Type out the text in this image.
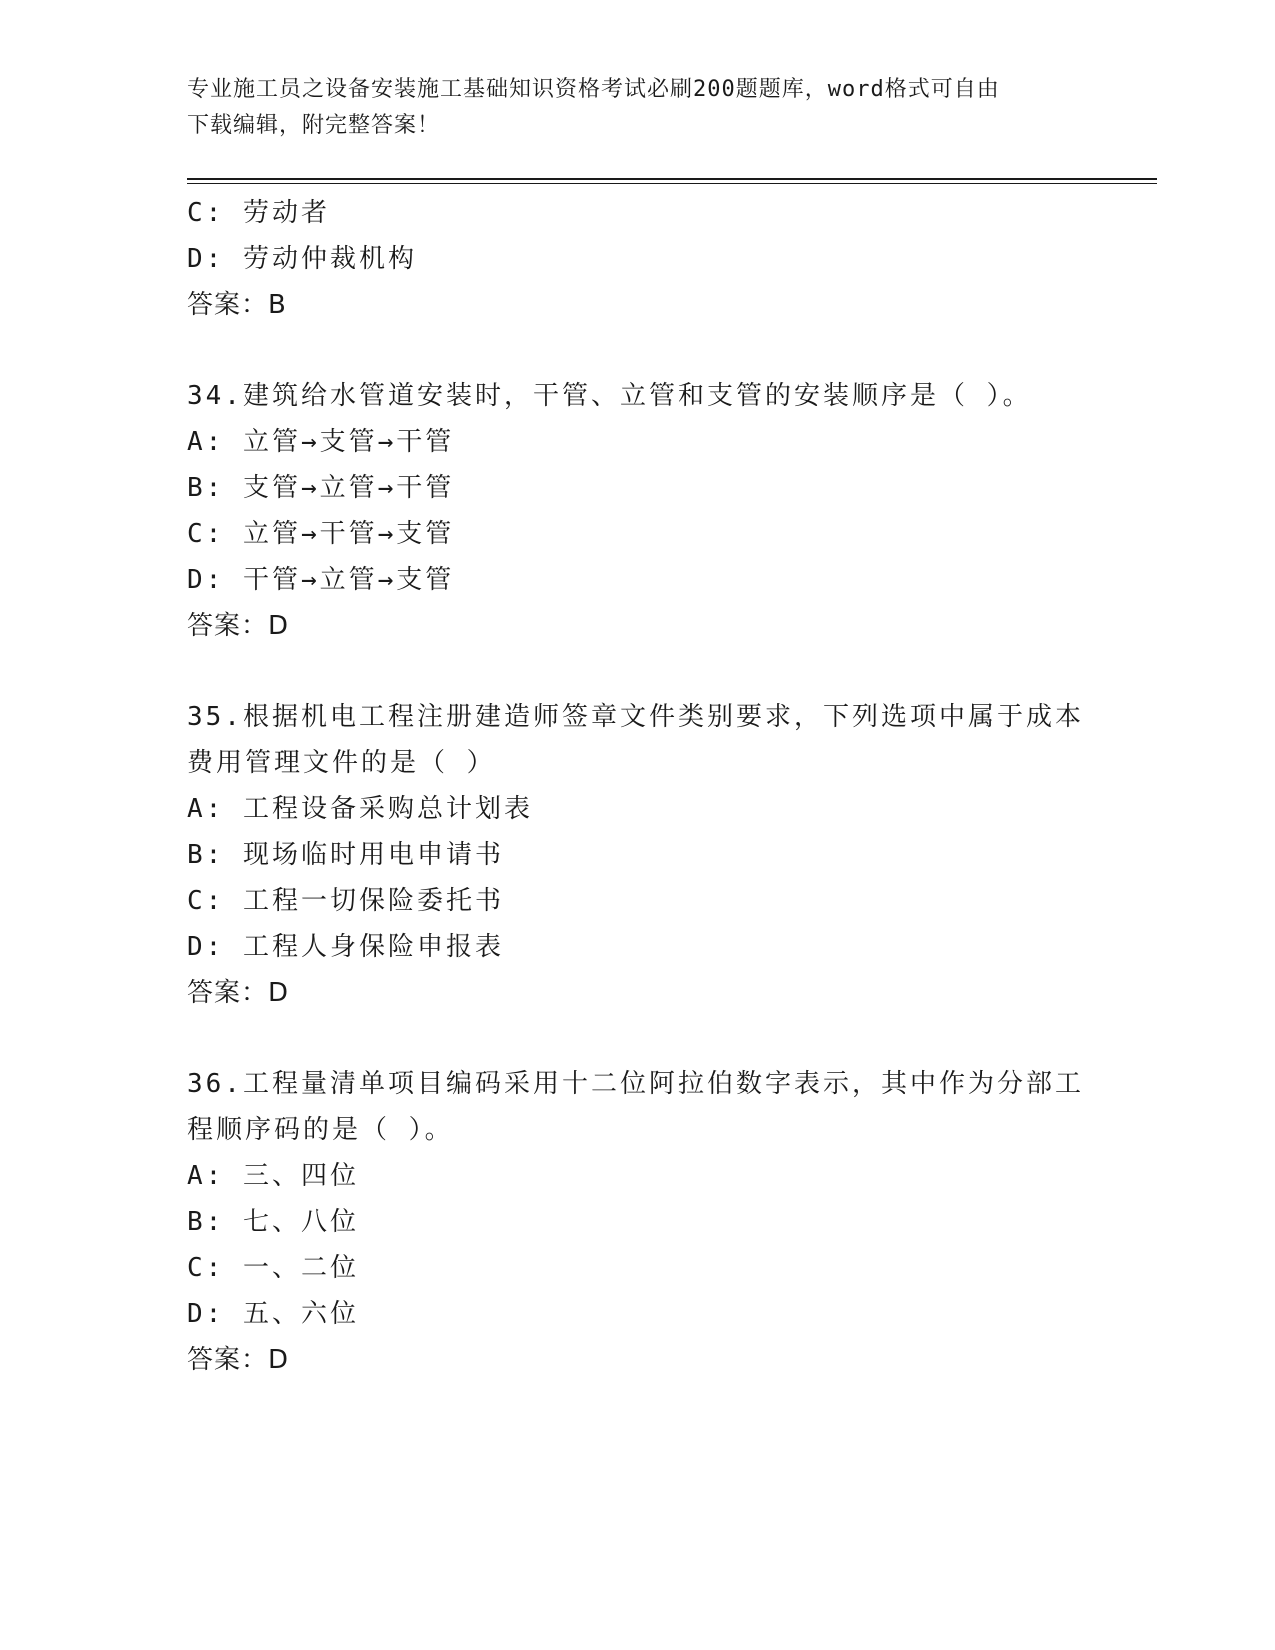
专业施工员之设备安装施工基础知识资格考试必刷200题题库，word格式可自由
下载编辑，附完整答案！
C: 劳动者
D: 劳动仲裁机构
答案：B
34.建筑给水管道安装时，干管、立管和支管的安装顺序是（ ）。
A: 立管→支管→干管
B: 支管→立管→干管
C: 立管→干管→支管
D: 干管→立管→支管
答案：D
35.根据机电工程注册建造师签章文件类别要求，下列选项中属于成本
费用管理文件的是（ ）
A: 工程设备采购总计划表
B: 现场临时用电申请书
C: 工程一切保险委托书
D: 工程人身保险申报表
答案：D
36.工程量清单项目编码采用十二位阿拉伯数字表示，其中作为分部工
程顺序码的是（ ）。
A: 三、四位
B: 七、八位
C: 一、二位
D: 五、六位
答案：D
